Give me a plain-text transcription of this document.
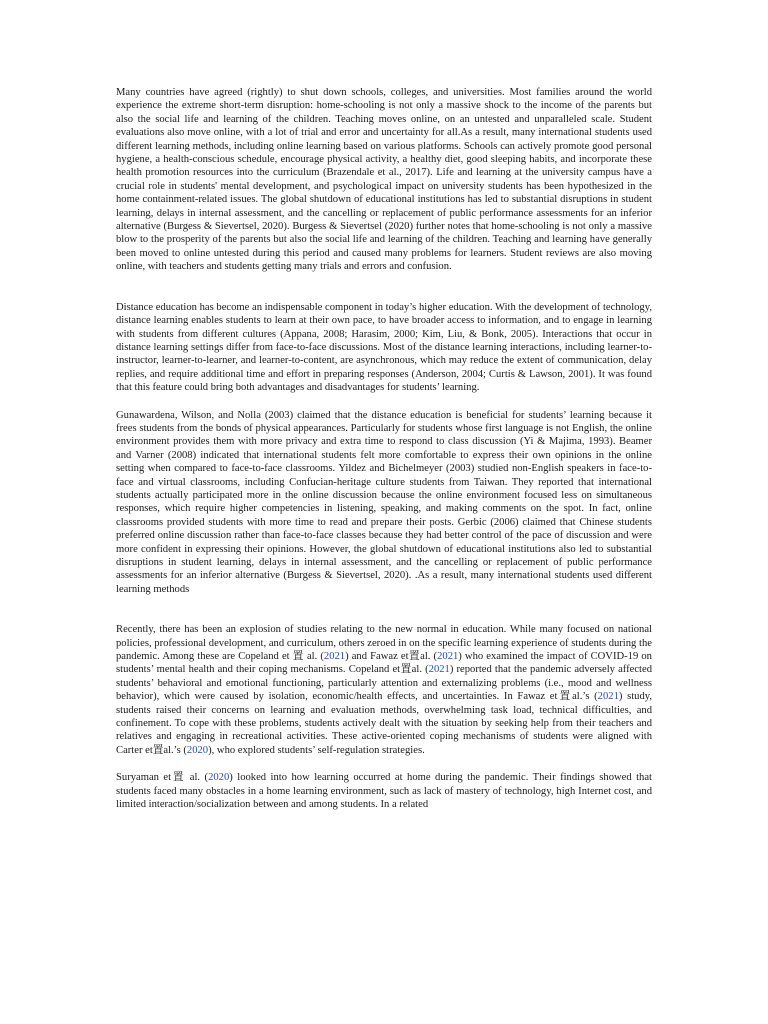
Many countries have agreed (rightly) to shut down schools, colleges, and universities. Most families around the world experience the extreme short-term disruption: home-schooling is not only a massive shock to the income of the parents but also the social life and learning of the children. Teaching moves online, on an untested and unparalleled scale. Student evaluations also move online, with a lot of trial and error and uncertainty for all.As a result, many international students used different learning methods, including online learning based on various platforms. Schools can actively promote good personal hygiene, a health-conscious schedule, encourage physical activity, a healthy diet, good sleeping habits, and incorporate these health promotion resources into the curriculum (Brazendale et al., 2017). Life and learning at the university campus have a crucial role in students' mental development, and psychological impact on university students has been hypothesized in the home containment-related issues. The global shutdown of educational institutions has led to substantial disruptions in student learning, delays in internal assessment, and the cancelling or replacement of public performance assessments for an inferior alternative (Burgess & Sievertsel, 2020). Burgess & Sievertsel (2020) further notes that home-schooling is not only a massive blow to the prosperity of the parents but also the social life and learning of the children. Teaching and learning have generally been moved to online untested during this period and caused many problems for learners. Student reviews are also moving online, with teachers and students getting many trials and errors and confusion.

Distance education has become an indispensable component in today’s higher education. With the development of technology, distance learning enables students to learn at their own pace, to have broader access to information, and to engage in learning with students from different cultures (Appana, 2008; Harasim, 2000; Kim, Liu, & Bonk, 2005). Interactions that occur in distance learning settings differ from face-to-face discussions. Most of the distance learning interactions, including learner-to-instructor, learner-to-learner, and learner-to-content, are asynchronous, which may reduce the extent of communication, delay replies, and require additional time and effort in preparing responses (Anderson, 2004; Curtis & Lawson, 2001). It was found that this feature could bring both advantages and disadvantages for students’ learning.

Gunawardena, Wilson, and Nolla (2003) claimed that the distance education is beneficial for students’ learning because it frees students from the bonds of physical appearances. Particularly for students whose first language is not English, the online environment provides them with more privacy and extra time to respond to class discussion (Yi & Majima, 1993). Beamer and Varner (2008) indicated that international students felt more comfortable to express their own opinions in the online setting when compared to face-to-face classrooms. Yildez and Bichelmeyer (2003) studied non-English speakers in face-to-face and virtual classrooms, including Confucian-heritage culture students from Taiwan. They reported that international students actually participated more in the online discussion because the online environment focused less on simultaneous responses, which require higher competencies in listening, speaking, and making comments on the spot. In fact, online classrooms provided students with more time to read and prepare their posts. Gerbic (2006) claimed that Chinese students preferred online discussion rather than face-to-face classes because they had better control of the pace of discussion and were more confident in expressing their opinions. However, the global shutdown of educational institutions also led to substantial disruptions in student learning, delays in internal assessment, and the cancelling or replacement of public performance assessments for an inferior alternative (Burgess & Sievertsel, 2020). .As a result, many international students used different learning methods

Recently, there has been an explosion of studies relating to the new normal in education. While many focused on national policies, professional development, and curriculum, others zeroed in on the specific learning experience of students during the pandemic. Among these are Copeland et 置 al. (2021) and Fawaz et置al. (2021) who examined the impact of COVID-19 on students’ mental health and their coping mechanisms. Copeland et置al. (2021) reported that the pandemic adversely affected students’ behavioral and emotional functioning, particularly attention and externalizing problems (i.e., mood and wellness behavior), which were caused by isolation, economic/health effects, and uncertainties. In Fawaz et置al.’s (2021) study, students raised their concerns on learning and evaluation methods, overwhelming task load, technical difficulties, and confinement. To cope with these problems, students actively dealt with the situation by seeking help from their teachers and relatives and engaging in recreational activities. These active-oriented coping mechanisms of students were aligned with Carter et置al.’s (2020), who explored students’ self-regulation strategies.

Suryaman et置 al. (2020) looked into how learning occurred at home during the pandemic. Their findings showed that students faced many obstacles in a home learning environment, such as lack of mastery of technology, high Internet cost, and limited interaction/socialization between and among students. In a related
